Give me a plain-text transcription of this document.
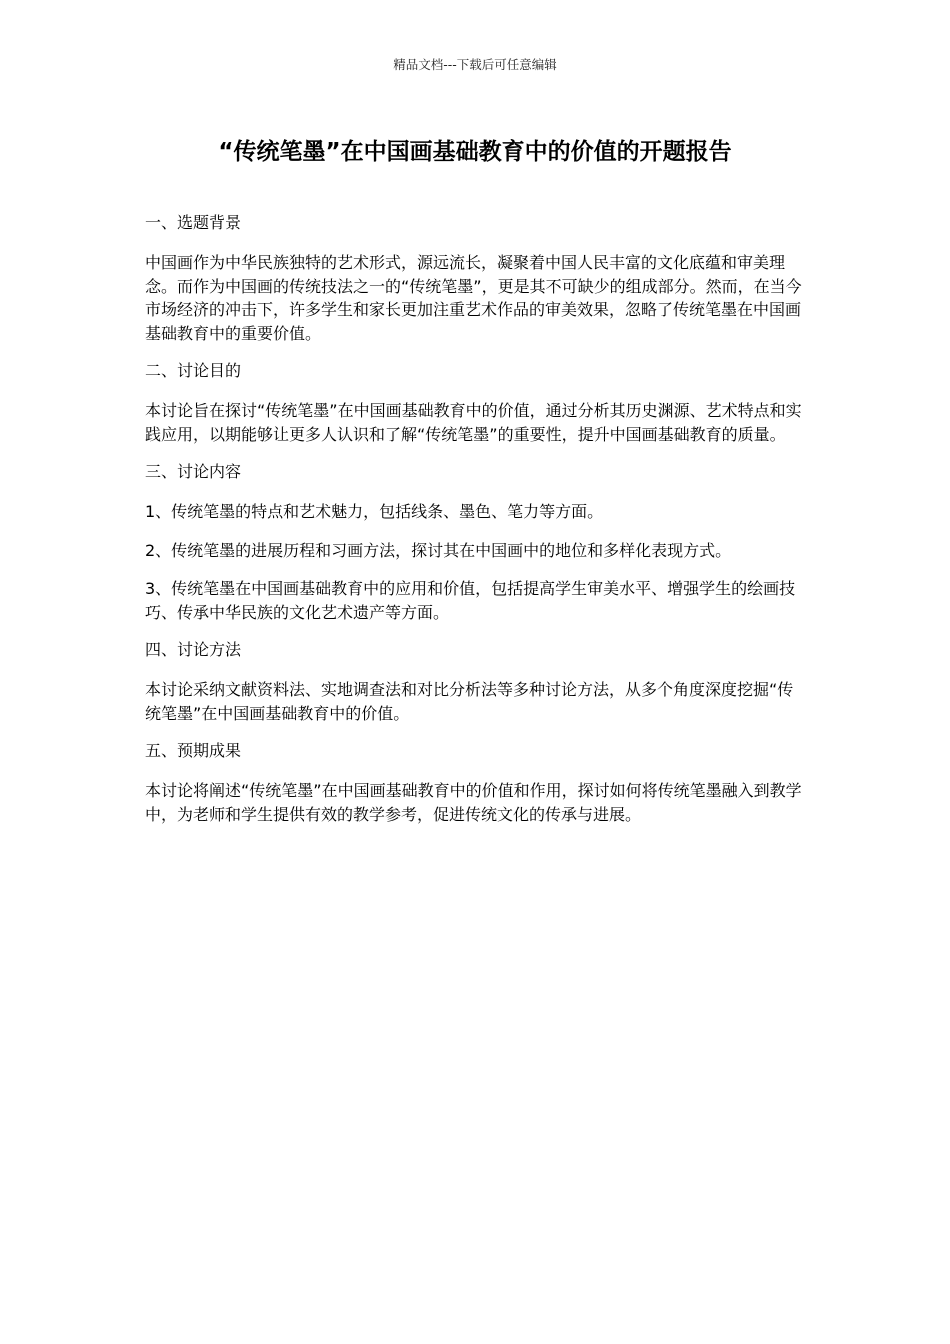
精品文档---下载后可任意编辑
“传统笔墨”在中国画基础教育中的价值的开题报告

一、选题背景

中国画作为中华民族独特的艺术形式，源远流长，凝聚着中国人民丰富的文化底蕴和审美理念。而作为中国画的传统技法之一的“传统笔墨”，更是其不可缺少的组成部分。然而，在当今市场经济的冲击下，许多学生和家长更加注重艺术作品的审美效果，忽略了传统笔墨在中国画基础教育中的重要价值。

二、讨论目的

本讨论旨在探讨“传统笔墨”在中国画基础教育中的价值，通过分析其历史渊源、艺术特点和实践应用，以期能够让更多人认识和了解“传统笔墨”的重要性，提升中国画基础教育的质量。

三、讨论内容

1、传统笔墨的特点和艺术魅力，包括线条、墨色、笔力等方面。

2、传统笔墨的进展历程和习画方法，探讨其在中国画中的地位和多样化表现方式。

3、传统笔墨在中国画基础教育中的应用和价值，包括提高学生审美水平、增强学生的绘画技巧、传承中华民族的文化艺术遗产等方面。

四、讨论方法

本讨论采纳文献资料法、实地调查法和对比分析法等多种讨论方法，从多个角度深度挖掘“传统笔墨”在中国画基础教育中的价值。

五、预期成果

本讨论将阐述“传统笔墨”在中国画基础教育中的价值和作用，探讨如何将传统笔墨融入到教学中，为老师和学生提供有效的教学参考，促进传统文化的传承与进展。
